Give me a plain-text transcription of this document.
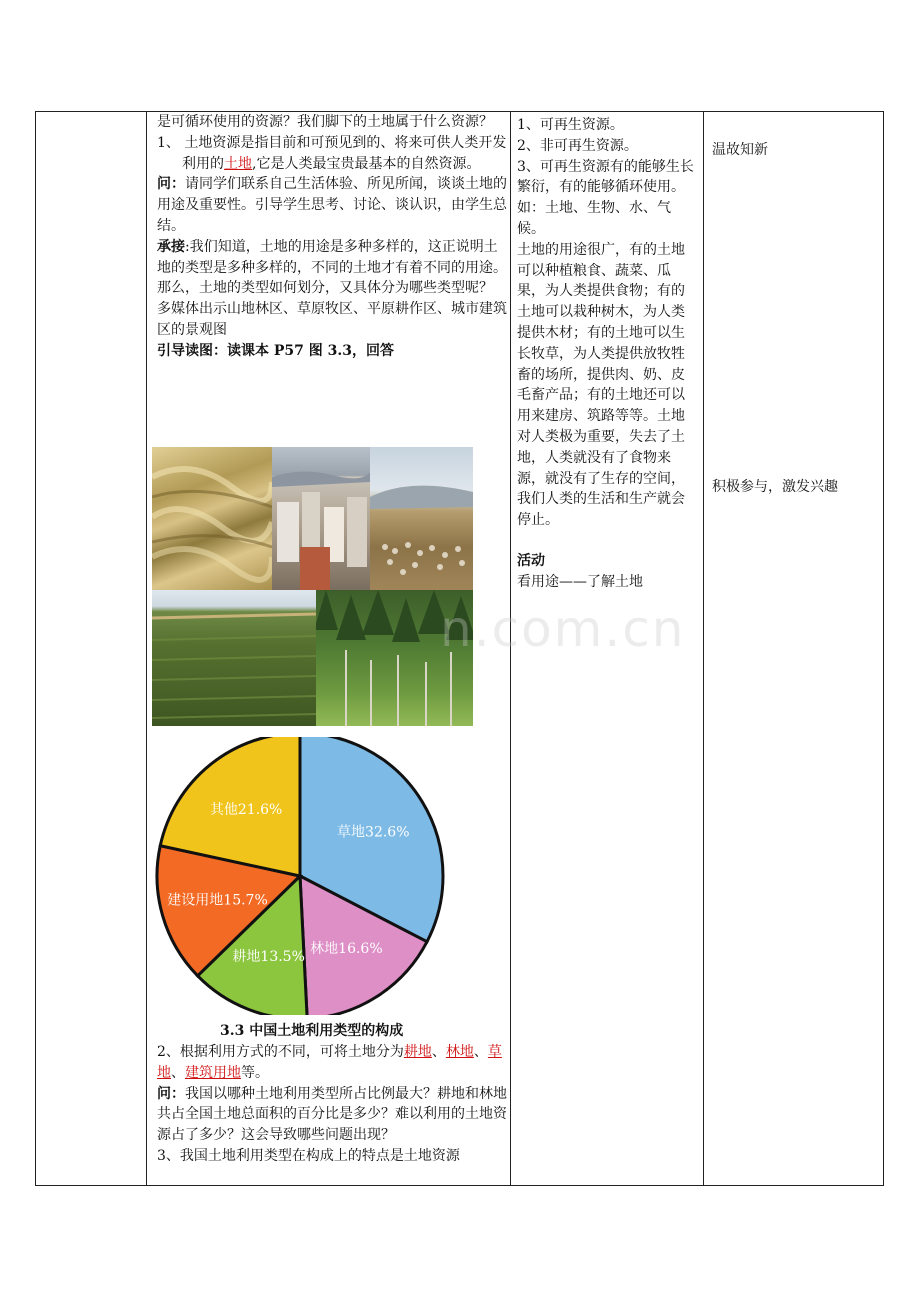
是可循环使用的资源？我们脚下的土地属于什么资源？

1、 土地资源是指目前和可预见到的、将来可供人类开发利用的土地,它是人类最宝贵最基本的自然资源。

问：请同学们联系自己生活体验、所见所闻，谈谈土地的用途及重要性。引导学生思考、讨论、谈认识，由学生总结。

承接:我们知道，土地的用途是多种多样的，这正说明土地的类型是多种多样的，不同的土地才有着不同的用途。那么，土地的类型如何划分，又具体分为哪些类型呢？

多媒体出示山地林区、草原牧区、平原耕作区、城市建筑区的景观图

引导读图：读课本 P57 图 3.3，回答

草地32.6%
林地16.6%
耕地13.5%
建设用地15.7%
其他21.6%
3.3 中国土地利用类型的构成

2、根据利用方式的不同，可将土地分为耕地、林地、草地、建筑用地等。

问：我国以哪种土地利用类型所占比例最大？耕地和林地共占全国土地总面积的百分比是多少？难以利用的土地资源占了多少？这会导致哪些问题出现？

3、我国土地利用类型在构成上的特点是土地资源

1、可再生资源。

2、非可再生资源。

3、可再生资源有的能够生长繁衍，有的能够循环使用。如：土地、生物、水、气候。

土地的用途很广，有的土地可以种植粮食、蔬菜、瓜果，为人类提供食物；有的土地可以栽种树木，为人类提供木材；有的土地可以生长牧草，为人类提供放牧牲畜的场所，提供肉、奶、皮毛畜产品；有的土地还可以用来建房、筑路等等。土地对人类极为重要，失去了土地，人类就没有了食物来源，就没有了生存的空间，我们人类的生活和生产就会停止。

活动

看用途——了解土地

温故知新
积极参与，激发兴趣
n.com.cn
